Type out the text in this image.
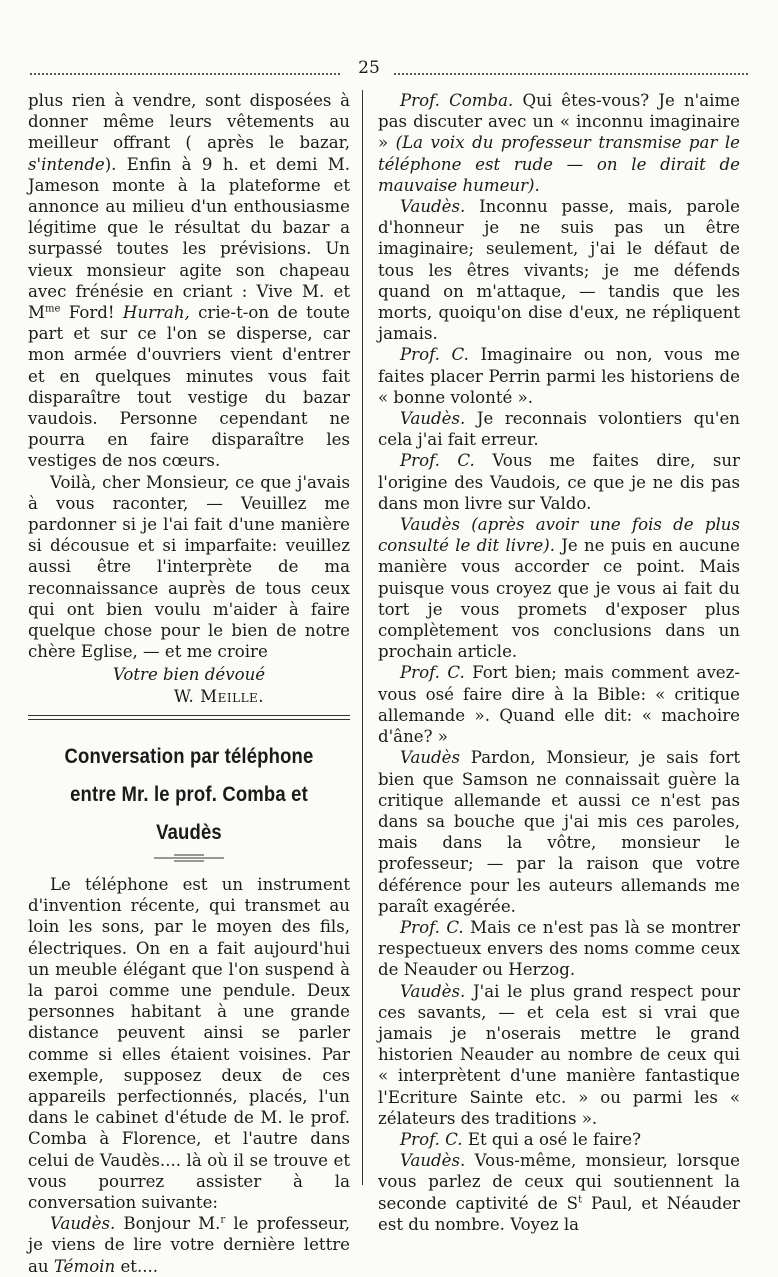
25

plus rien à vendre, sont disposées à donner même leurs vêtements au meilleur offrant ( après le bazar, s'intende). Enfin à 9 h. et demi M. Jameson monte à la plateforme et annonce au milieu d'un enthousiasme légitime que le résultat du bazar a surpassé toutes les prévisions. Un vieux monsieur agite son chapeau avec frénésie en criant : Vive M. et $M^{me}$ Ford! Hurrah, crie-t-on de toute part et sur ce l'on se disperse, car mon armée d'ouvriers vient d'entrer et en quelques minutes vous fait disparaître tout vestige du bazar vaudois. Personne cependant ne pourra en faire disparaître les vestiges de nos cœurs.

Voilà, cher Monsieur, ce que j'avais à vous raconter, — Veuillez me pardonner si je l'ai fait d'une manière si décousue et si imparfaite: veuillez aussi être l'interprète de ma reconnaissance auprès de tous ceux qui ont bien voulu m'aider à faire quelque chose pour le bien de notre chère Eglise, — et me croire

Votre bien dévoué

W. Meille.

Conversation par téléphone
entre Mr. le prof. Comba et Vaudès

Le téléphone est un instrument d'invention récente, qui transmet au loin les sons, par le moyen des fils, électriques. On en a fait aujourd'hui un meuble élégant que l'on suspend à la paroi comme une pendule. Deux personnes habitant à une grande distance peuvent ainsi se parler comme si elles étaient voisines. Par exemple, supposez deux de ces appareils perfectionnés, placés, l'un dans le cabinet d'étude de M. le prof. Comba à Florence, et l'autre dans celui de Vaudès.... là où il se trouve et vous pourrez assister à la conversation suivante:

Vaudès. Bonjour M.$^r$ le professeur, je viens de lire votre dernière lettre au Témoin et....

Prof. Comba. Qui êtes-vous? Je n'aime pas discuter avec un « inconnu imaginaire » (La voix du professeur transmise par le téléphone est rude — on le dirait de mauvaise humeur).

Vaudès. Inconnu passe, mais, parole d'honneur je ne suis pas un être imaginaire; seulement, j'ai le défaut de tous les êtres vivants; je me défends quand on m'attaque, — tandis que les morts, quoiqu'on dise d'eux, ne répliquent jamais.

Prof. C. Imaginaire ou non, vous me faites placer Perrin parmi les historiens de « bonne volonté ».

Vaudès. Je reconnais volontiers qu'en cela j'ai fait erreur.

Prof. C. Vous me faites dire, sur l'origine des Vaudois, ce que je ne dis pas dans mon livre sur Valdo.

Vaudès (après avoir une fois de plus consulté le dit livre). Je ne puis en aucune manière vous accorder ce point. Mais puisque vous croyez que je vous ai fait du tort je vous promets d'exposer plus complètement vos conclusions dans un prochain article.

Prof. C. Fort bien; mais comment avez-vous osé faire dire à la Bible: « critique allemande ». Quand elle dit: « machoire d'âne? »

Vaudès Pardon, Monsieur, je sais fort bien que Samson ne connaissait guère la critique allemande et aussi ce n'est pas dans sa bouche que j'ai mis ces paroles, mais dans la vôtre, monsieur le professeur; — par la raison que votre déférence pour les auteurs allemands me paraît exagérée.

Prof. C. Mais ce n'est pas là se montrer respectueux envers des noms comme ceux de Neauder ou Herzog.

Vaudès. J'ai le plus grand respect pour ces savants, — et cela est si vrai que jamais je n'oserais mettre le grand historien Neauder au nombre de ceux qui « interprètent d'une manière fantastique l'Ecriture Sainte etc. » ou parmi les « zélateurs des traditions ».

Prof. C. Et qui a osé le faire?

Vaudès. Vous-même, monsieur, lorsque vous parlez de ceux qui soutiennent la seconde captivité de $S^t$ Paul, et Néauder est du nombre. Voyez la
